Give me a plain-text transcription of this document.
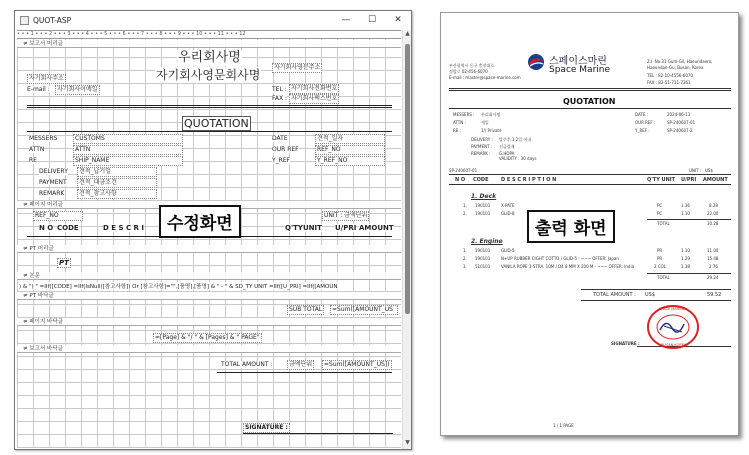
QUOT-ASP	—	☐	✕
• • • 1 • • • 2 • • • 3 • • • 4 • • • 5 • • • 6 • • • 7 • • • 8 • • • 9 • • • 10 • • • 11 • • • 12
≠ 보고서 머리글
우리회사명
자기회사주소	자기회사영문회사명
자기회사영문주소
E-mail :	자기회사이메일	TEL : 자기회사전화번호
FAX : 자기회사팩스번호
QUOTATION
MESSERS	CUSTOMS
ATTN	ATTN
RE	SHIP_NAME
DELIVERY	견적_납기일
PAYMENT	견적_대금조건
REMARK	견적_참고사항
DATE	견적_일자
OUR REF	REF_NO
Y_REF	Y_REF_NO
≠ 페이지 머리글
REF_NO	UNIT : 금액단위
N O CODE	D E S C R I	Q'TYUNIT U/PRI AMOUNT
≠ PT 머리글
PT
≠ 본문
) & ") " =IIf([CODE] =IIf(IsNull([참고사항]) Or [참고사항]="",[품명],[품명] & " - " & SD_TY UNIT =IIf([U_PRI] =IIf([AMOUN
≠ PT 바닥글
SUB TOTAL	=Sum([AMOUNT_US
≠ 페이지 바닥글
=[Page] & "/ " & [Pages] & " PAGE"
≠ 보고서 바닥글
TOTAL AMOUNT :	금액단위	=Sum([AMOUNT_US])
SIGNATURE :
수정화면
▲
▼
부산광역시 동구 충장대로
정발로 02-456-6070
E-mail : master@space-marine.com
스페이스마린
Space Marine
Z.I. No.31 Gum-Gil, Haeundaero,
Haeundae-Gu, Busan, Korea
TEL : 82-10-4556-6070
FAX : 82-51-711-7361
QUOTATION
MESSERS : 우리회사명
ATTN :	세일
RE :	1// Private
DELIVERY : 발주후 1 2일 이내
PAYMENT : 선금결제
REMARK : G.HOPA
VALIDITY : 30 days
DATE :	2024-06-13
OUR REF :	SP-240607-01
Y_REF :	SP-240607-2
SP-240607-01	UNIT : US$
N O CODE	D E S C R I P T I O N	Q'TY UNIT U/PRI AMOUNT
1. Deck
1. 190101	X-PATE	PC	1.36	8.28
2. 190101	GLID-8	PC	1.10	22.00
TOTAL	30.28
2. Engine
1. 190101	GLID-5	PR	1.10	11.00
2. 190101	N+UP RUBBER CIGHT COTTO / GLID-5 - ~~~ OFFER: Japan	PR	1.29	15.48
3. 510101	VANILA ROPE 3-STRA. 10M / D4 8 MM X 200 M - ~~~ OFFER: India	2 COL	1.38	2.76
TOTAL	29.24
TOTAL AMOUNT : US$	59.52
SIGNATURE :
SPACE MARINE
BUSAN KOREA
1 / 1 PAGE
출력 화면
